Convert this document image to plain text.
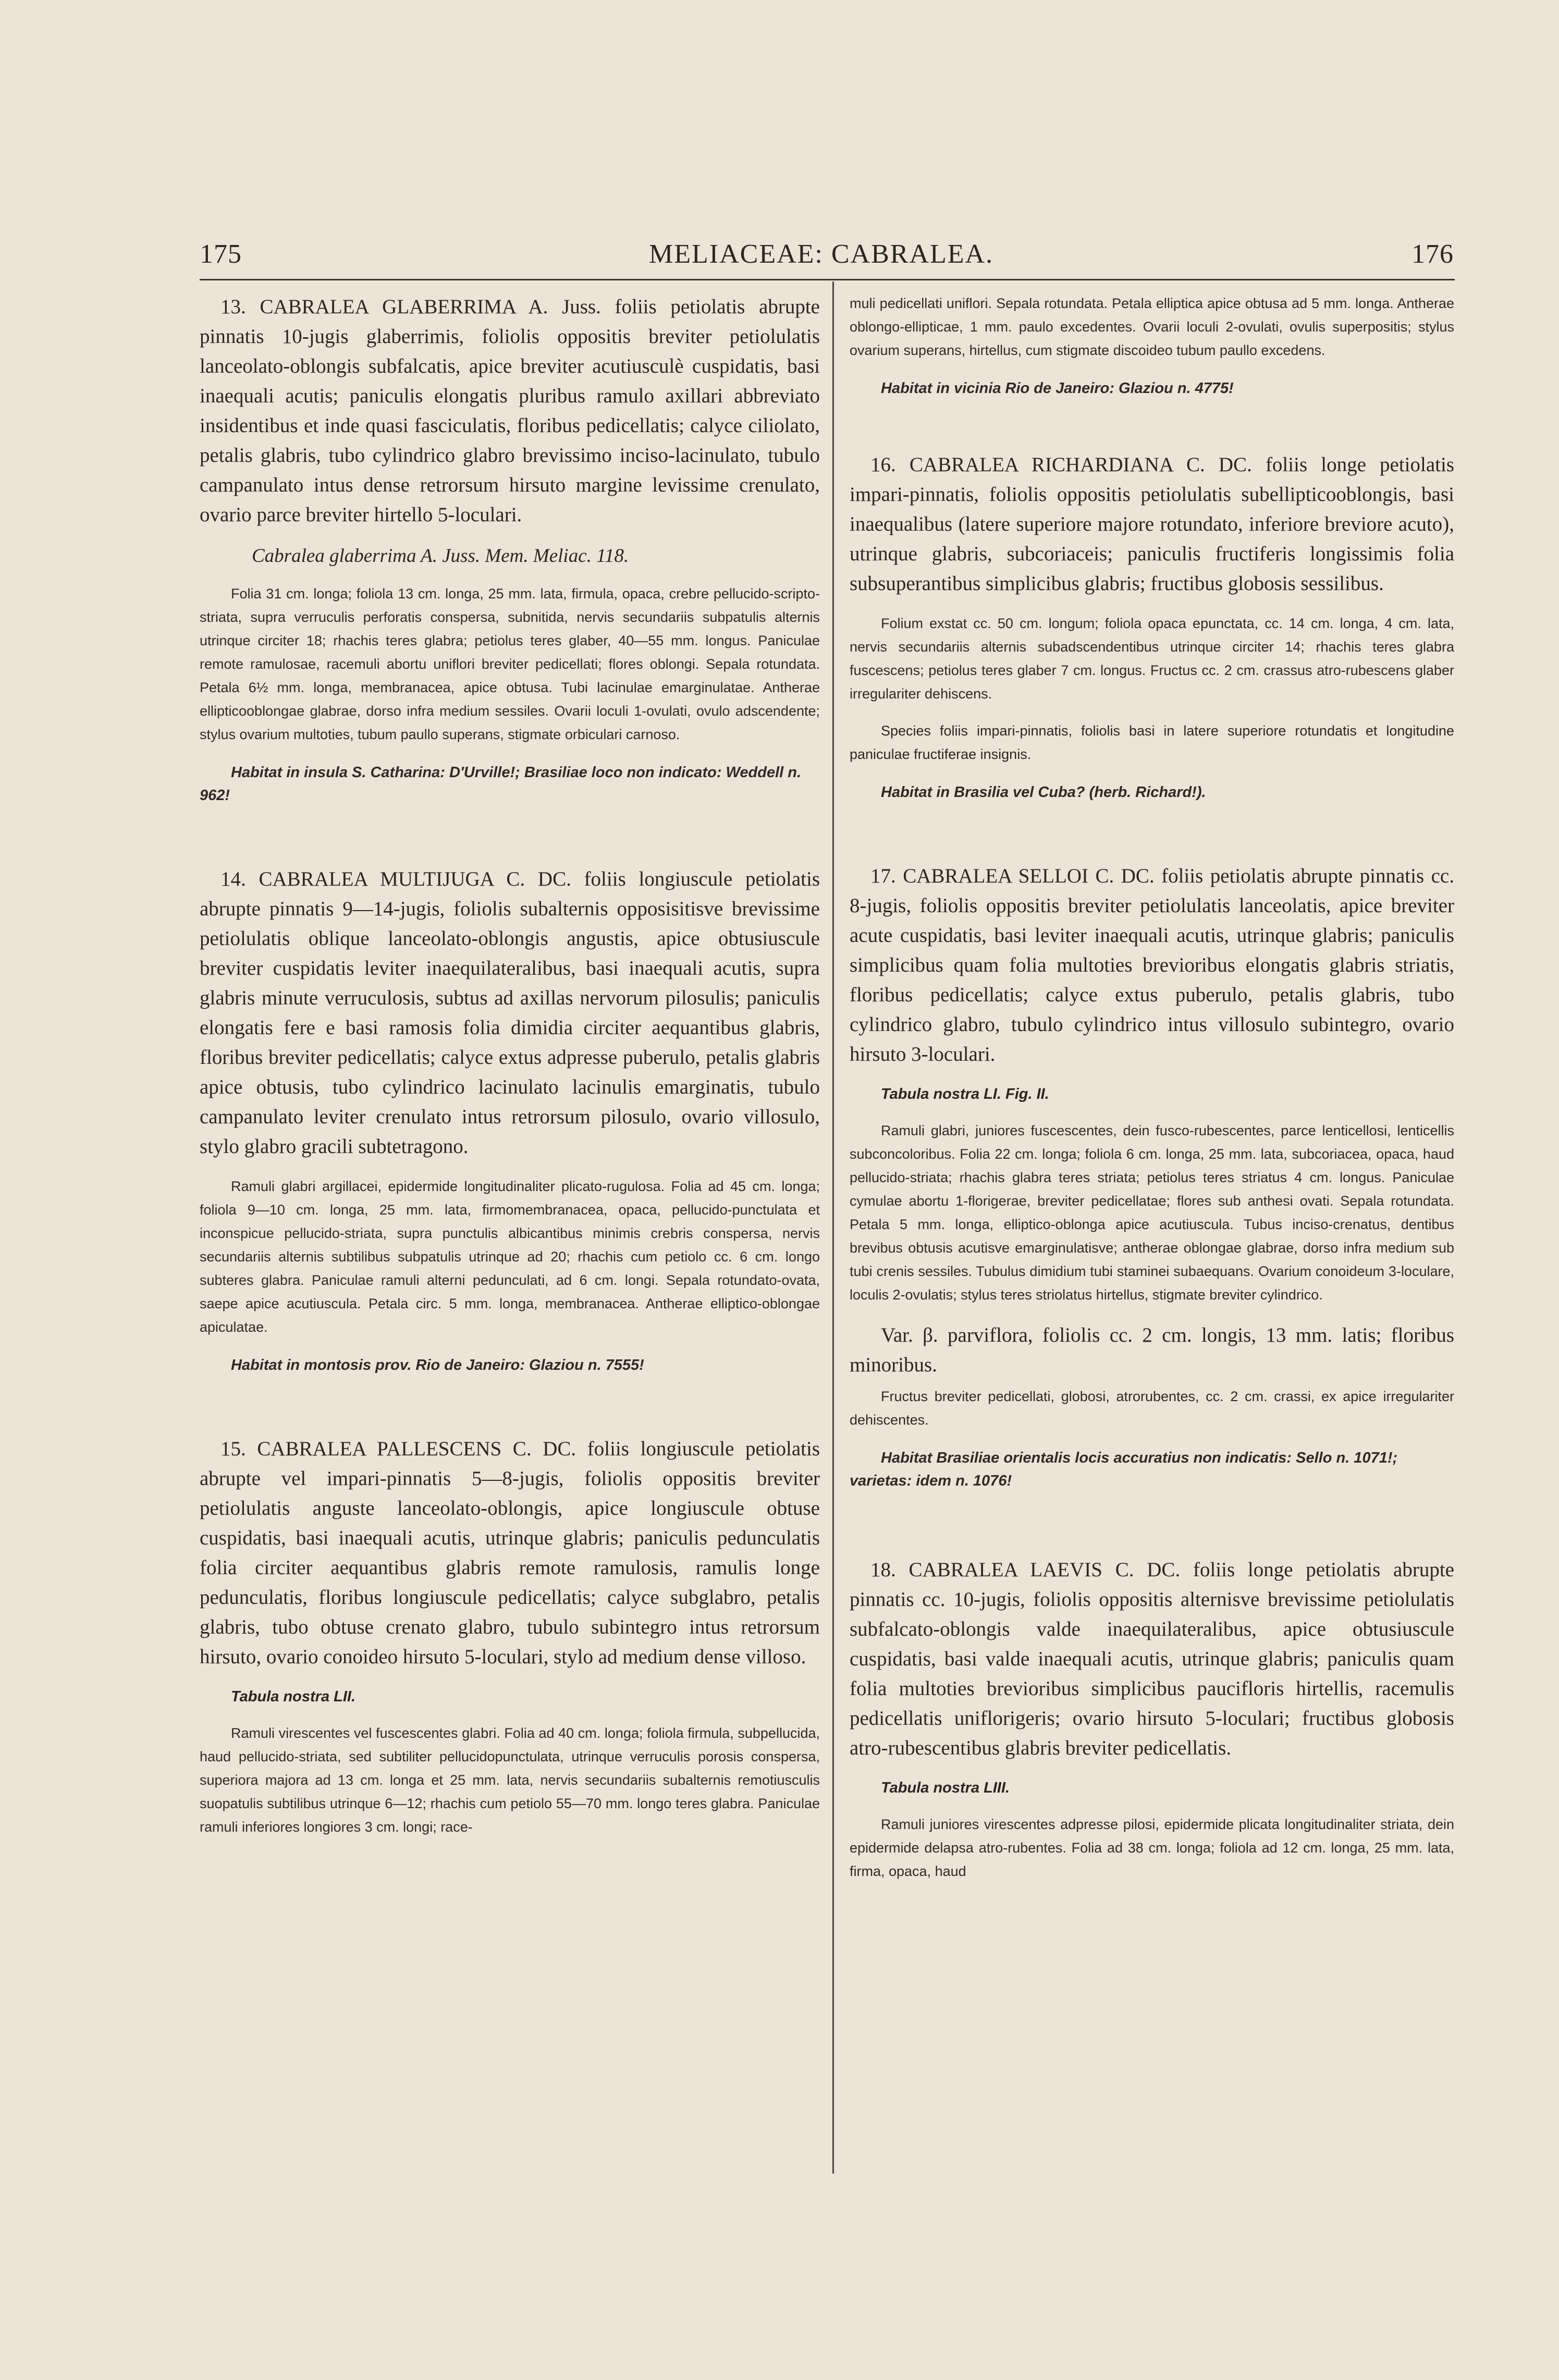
175	MELIACEAE: CABRALEA.	176

13. CABRALEA GLABERRIMA A. Juss. foliis petiolatis abrupte pinnatis 10-jugis glaberrimis, foliolis oppositis breviter petiolulatis lanceolato-oblongis subfalcatis, apice breviter acutiusculè cuspidatis, basi inaequali acutis; paniculis elongatis pluribus ramulo axillari abbreviato insidentibus et inde quasi fasciculatis, floribus pedicellatis; calyce ciliolato, petalis glabris, tubo cylindrico glabro brevissimo inciso-lacinulato, tubulo campanulato intus dense retrorsum hirsuto margine levissime crenulato, ovario parce breviter hirtello 5-loculari.

Cabralea glaberrima A. Juss. Mem. Meliac. 118.

Folia 31 cm. longa; foliola 13 cm. longa, 25 mm. lata, firmula, opaca, crebre pellucido-scripto-striata, supra verruculis perforatis conspersa, subnitida, nervis secundariis subpatulis alternis utrinque circiter 18; rhachis teres glabra; petiolus teres glaber, 40—55 mm. longus. Paniculae remote ramulosae, racemuli abortu uniflori breviter pedicellati; flores oblongi. Sepala rotundata. Petala 6½ mm. longa, membranacea, apice obtusa. Tubi lacinulae emarginulatae. Antherae ellipticooblongae glabrae, dorso infra medium sessiles. Ovarii loculi 1-ovulati, ovulo adscendente; stylus ovarium multoties, tubum paullo superans, stigmate orbiculari carnoso.

Habitat in insula S. Catharina: D'Urville!; Brasiliae loco non indicato: Weddell n. 962!

14. CABRALEA MULTIJUGA C. DC. foliis longiuscule petiolatis abrupte pinnatis 9—14-jugis, foliolis subalternis opposisitisve brevissime petiolulatis oblique lanceolato-oblongis angustis, apice obtusiuscule breviter cuspidatis leviter inaequilateralibus, basi inaequali acutis, supra glabris minute verruculosis, subtus ad axillas nervorum pilosulis; paniculis elongatis fere e basi ramosis folia dimidia circiter aequantibus glabris, floribus breviter pedicellatis; calyce extus adpresse puberulo, petalis glabris apice obtusis, tubo cylindrico lacinulato lacinulis emarginatis, tubulo campanulato leviter crenulato intus retrorsum pilosulo, ovario villosulo, stylo glabro gracili subtetragono.

Ramuli glabri argillacei, epidermide longitudinaliter plicato-rugulosa. Folia ad 45 cm. longa; foliola 9—10 cm. longa, 25 mm. lata, firmomembranacea, opaca, pellucido-punctulata et inconspicue pellucido-striata, supra punctulis albicantibus minimis crebris conspersa, nervis secundariis alternis subtilibus subpatulis utrinque ad 20; rhachis cum petiolo cc. 6 cm. longo subteres glabra. Paniculae ramuli alterni pedunculati, ad 6 cm. longi. Sepala rotundato-ovata, saepe apice acutiuscula. Petala circ. 5 mm. longa, membranacea. Antherae elliptico-oblongae apiculatae.

Habitat in montosis prov. Rio de Janeiro: Glaziou n. 7555!

15. CABRALEA PALLESCENS C. DC. foliis longiuscule petiolatis abrupte vel impari-pinnatis 5—8-jugis, foliolis oppositis breviter petiolulatis anguste lanceolato-oblongis, apice longiuscule obtuse cuspidatis, basi inaequali acutis, utrinque glabris; paniculis pedunculatis folia circiter aequantibus glabris remote ramulosis, ramulis longe pedunculatis, floribus longiuscule pedicellatis; calyce subglabro, petalis glabris, tubo obtuse crenato glabro, tubulo subintegro intus retrorsum hirsuto, ovario conoideo hirsuto 5-loculari, stylo ad medium dense villoso.

Tabula nostra LII.

Ramuli virescentes vel fuscescentes glabri. Folia ad 40 cm. longa; foliola firmula, subpellucida, haud pellucido-striata, sed subtiliter pellucidopunctulata, utrinque verruculis porosis conspersa, superiora majora ad 13 cm. longa et 25 mm. lata, nervis secundariis subalternis remotiusculis suopatulis subtilibus utrinque 6—12; rhachis cum petiolo 55—70 mm. longo teres glabra. Paniculae ramuli inferiores longiores 3 cm. longi; race-

muli pedicellati uniflori. Sepala rotundata. Petala elliptica apice obtusa ad 5 mm. longa. Antherae oblongo-ellipticae, 1 mm. paulo excedentes. Ovarii loculi 2-ovulati, ovulis superpositis; stylus ovarium superans, hirtellus, cum stigmate discoideo tubum paullo excedens.

Habitat in vicinia Rio de Janeiro: Glaziou n. 4775!

16. CABRALEA RICHARDIANA C. DC. foliis longe petiolatis impari-pinnatis, foliolis oppositis petiolulatis subellipticooblongis, basi inaequalibus (latere superiore majore rotundato, inferiore breviore acuto), utrinque glabris, subcoriaceis; paniculis fructiferis longissimis folia subsuperantibus simplicibus glabris; fructibus globosis sessilibus.

Folium exstat cc. 50 cm. longum; foliola opaca epunctata, cc. 14 cm. longa, 4 cm. lata, nervis secundariis alternis subadscendentibus utrinque circiter 14; rhachis teres glabra fuscescens; petiolus teres glaber 7 cm. longus. Fructus cc. 2 cm. crassus atro-rubescens glaber irregulariter dehiscens.

Species foliis impari-pinnatis, foliolis basi in latere superiore rotundatis et longitudine paniculae fructiferae insignis.

Habitat in Brasilia vel Cuba? (herb. Richard!).

17. CABRALEA SELLOI C. DC. foliis petiolatis abrupte pinnatis cc. 8-jugis, foliolis oppositis breviter petiolulatis lanceolatis, apice breviter acute cuspidatis, basi leviter inaequali acutis, utrinque glabris; paniculis simplicibus quam folia multoties brevioribus elongatis glabris striatis, floribus pedicellatis; calyce extus puberulo, petalis glabris, tubo cylindrico glabro, tubulo cylindrico intus villosulo subintegro, ovario hirsuto 3-loculari.

Tabula nostra LI. Fig. II.

Ramuli glabri, juniores fuscescentes, dein fusco-rubescentes, parce lenticellosi, lenticellis subconcoloribus. Folia 22 cm. longa; foliola 6 cm. longa, 25 mm. lata, subcoriacea, opaca, haud pellucido-striata; rhachis glabra teres striata; petiolus teres striatus 4 cm. longus. Paniculae cymulae abortu 1-florigerae, breviter pedicellatae; flores sub anthesi ovati. Sepala rotundata. Petala 5 mm. longa, elliptico-oblonga apice acutiuscula. Tubus inciso-crenatus, dentibus brevibus obtusis acutisve emarginulatisve; antherae oblongae glabrae, dorso infra medium sub tubi crenis sessiles. Tubulus dimidium tubi staminei subaequans. Ovarium conoideum 3-loculare, loculis 2-ovulatis; stylus teres striolatus hirtellus, stigmate breviter cylindrico.

Var. β. parviflora, foliolis cc. 2 cm. longis, 13 mm. latis; floribus minoribus.

Fructus breviter pedicellati, globosi, atrorubentes, cc. 2 cm. crassi, ex apice irregulariter dehiscentes.

Habitat Brasiliae orientalis locis accuratius non indicatis: Sello n. 1071!; varietas: idem n. 1076!

18. CABRALEA LAEVIS C. DC. foliis longe petiolatis abrupte pinnatis cc. 10-jugis, foliolis oppositis alternisve brevissime petiolulatis subfalcato-oblongis valde inaequilateralibus, apice obtusiuscule cuspidatis, basi valde inaequali acutis, utrinque glabris; paniculis quam folia multoties brevioribus simplicibus paucifloris hirtellis, racemulis pedicellatis uniflorigeris; ovario hirsuto 5-loculari; fructibus globosis atro-rubescentibus glabris breviter pedicellatis.

Tabula nostra LIII.

Ramuli juniores virescentes adpresse pilosi, epidermide plicata longitudinaliter striata, dein epidermide delapsa atro-rubentes. Folia ad 38 cm. longa; foliola ad 12 cm. longa, 25 mm. lata, firma, opaca, haud
